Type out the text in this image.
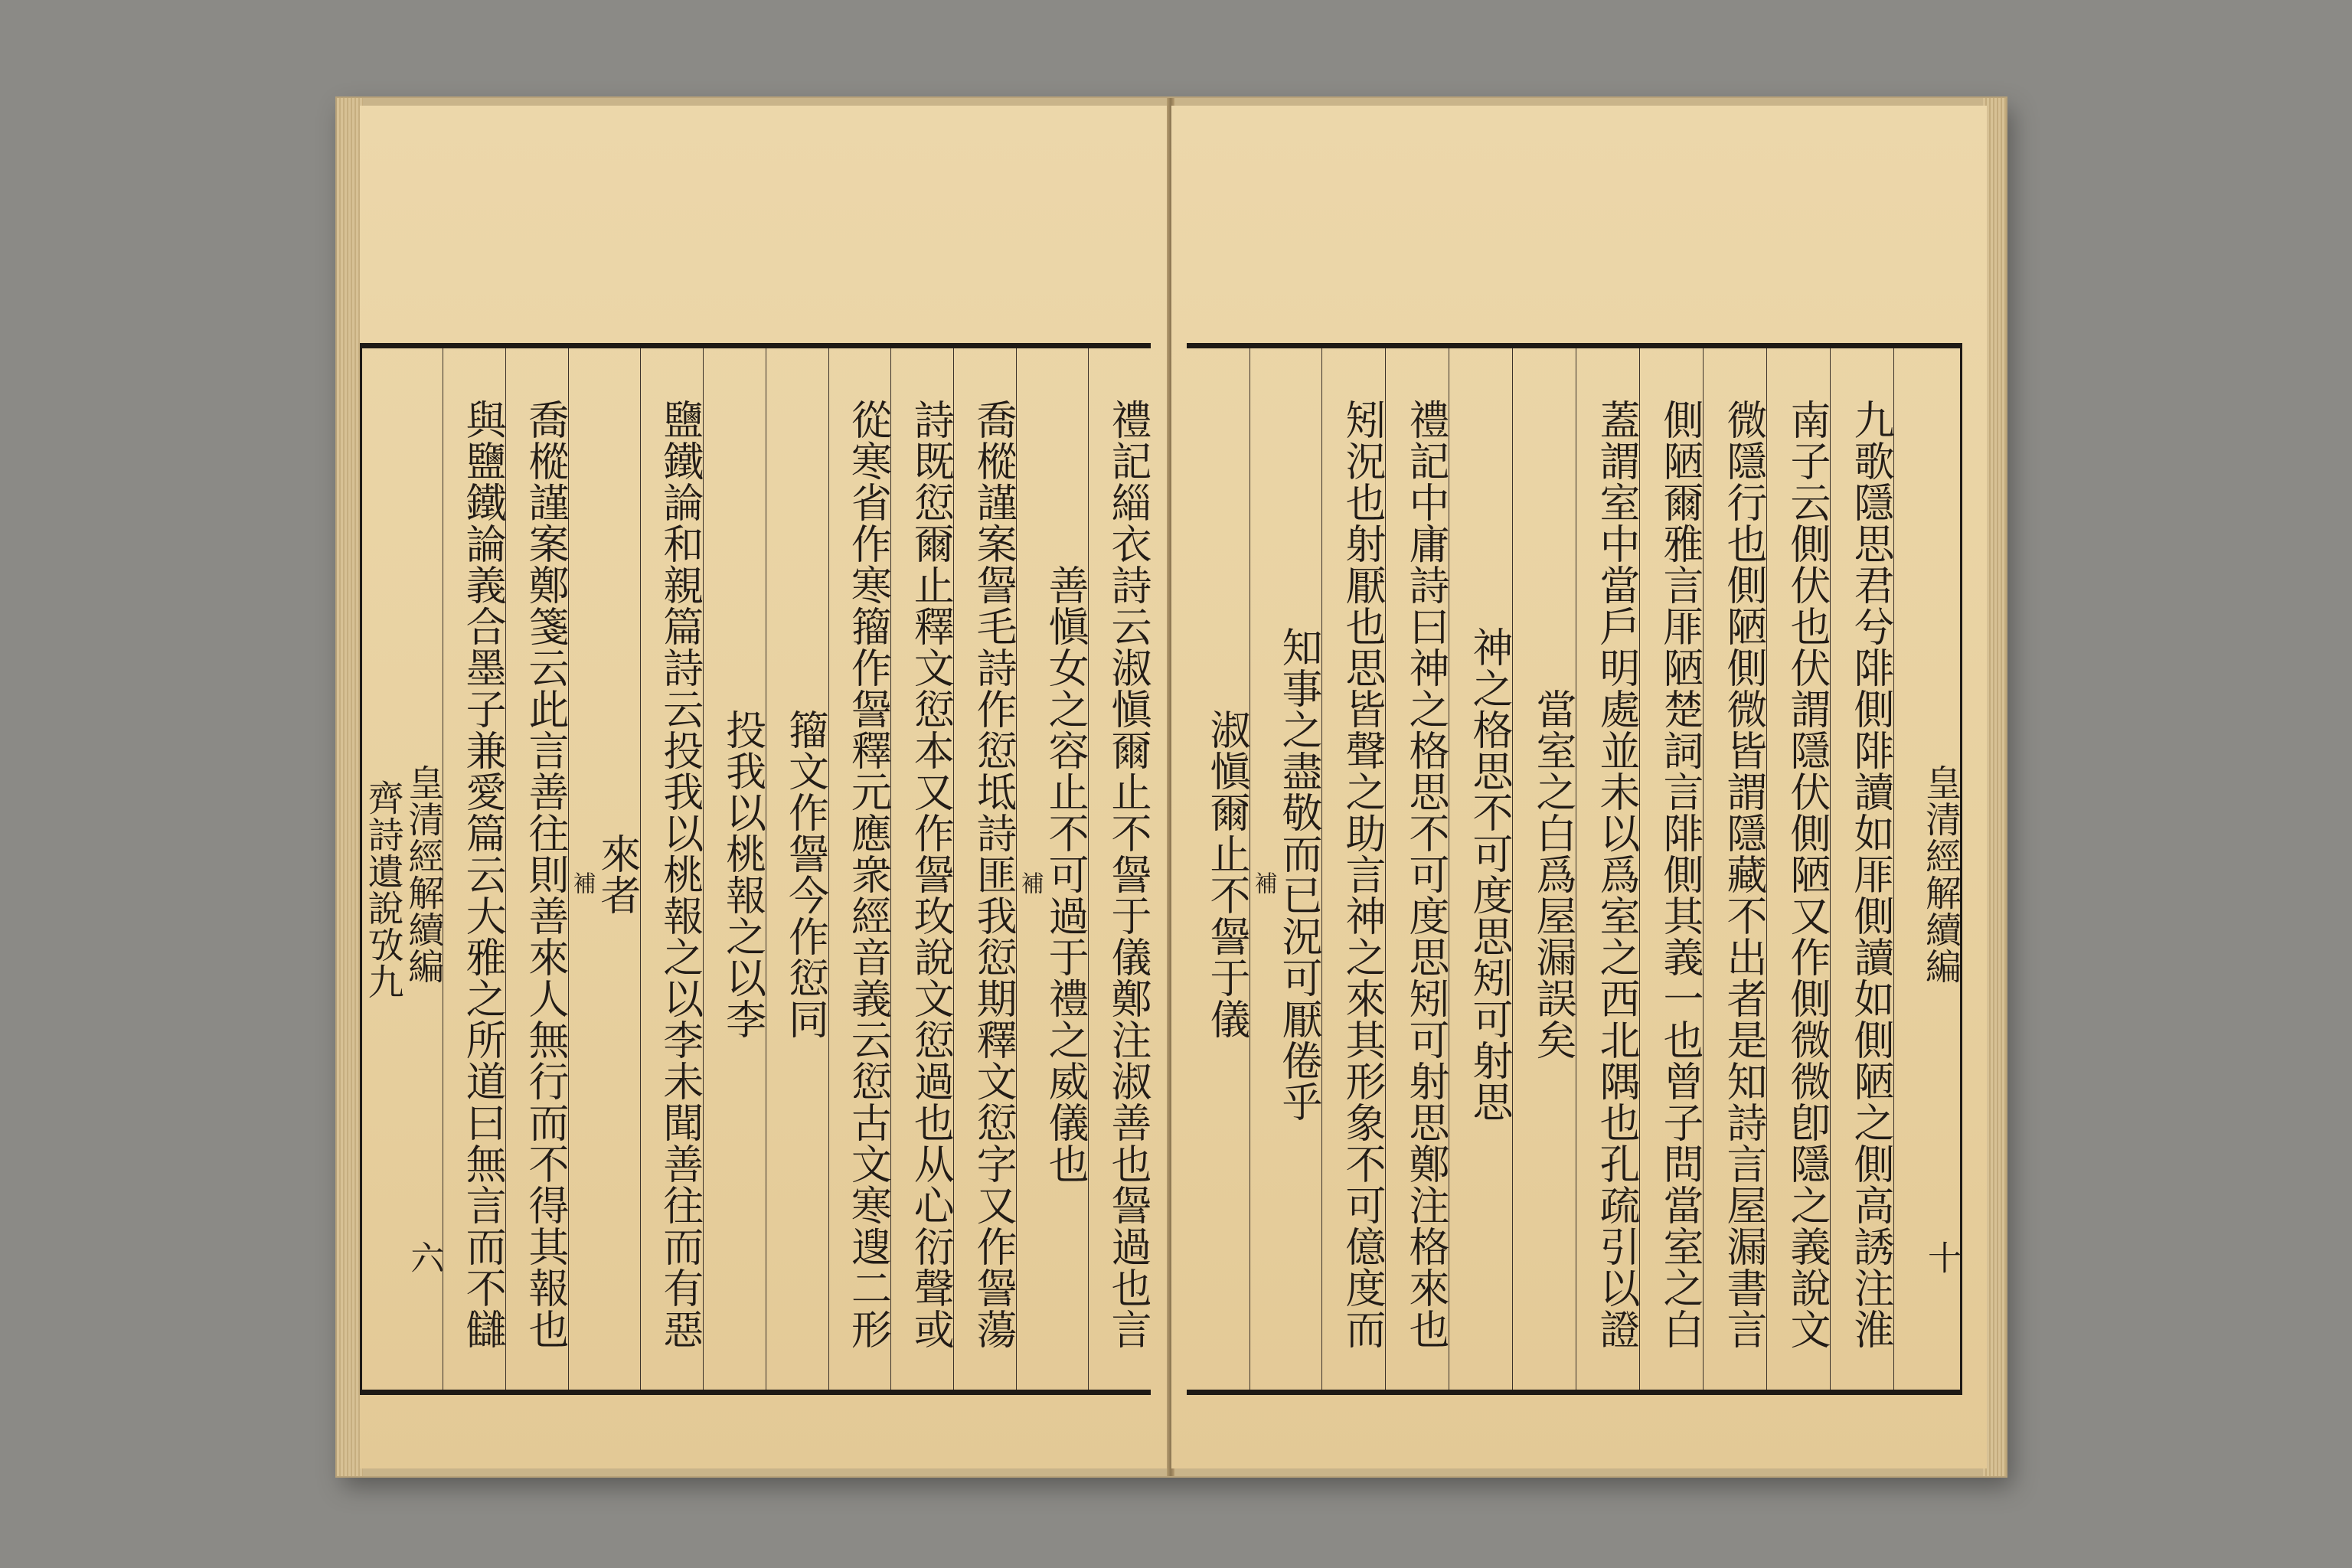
禮記緇衣詩云淑愼爾止不諐于儀鄭注淑善也諐過也言
善愼女之容止不可過于禮之威儀也
補
喬樅謹案諐毛詩作愆坻詩匪我愆期釋文愆字又作諐蕩
詩既愆爾止釋文愆本又作諐玫說文愆過也从心衍聲或
從寒省作寒籀作諐釋元應衆經音義云愆古文寒遚二形
籀文作諐今作愆同
投我以桃報之以李
鹽鐵論和親篇詩云投我以桃報之以李未聞善往而有惡
來者
補
喬樅謹案鄭箋云此言善往則善來人無行而不得其報也
與鹽鐵論義合墨子兼愛篇云大雅之所道曰無言而不讎
皇清經解續編
齊詩遺說攷九
六
皇清經解續編
十
九歌隱思君兮陫側陫讀如厞側讀如側陋之側高誘注淮
南子云側伏也伏謂隱伏側陋又作側微微卽隱之義說文
微隱行也側陋側微皆謂隱藏不出者是知詩言屋漏書言
側陋爾雅言厞陋楚詞言陫側其義一也曾子問當室之白
蓋謂室中當戶明處並未以爲室之西北隅也孔疏引以證
當室之白爲屋漏誤矣
神之格思不可度思矧可射思
禮記中庸詩曰神之格思不可度思矧可射思鄭注格來也
矧況也射厭也思皆聲之助言神之來其形象不可億度而
知事之盡敬而已況可厭倦乎
補
淑愼爾止不諐于儀
